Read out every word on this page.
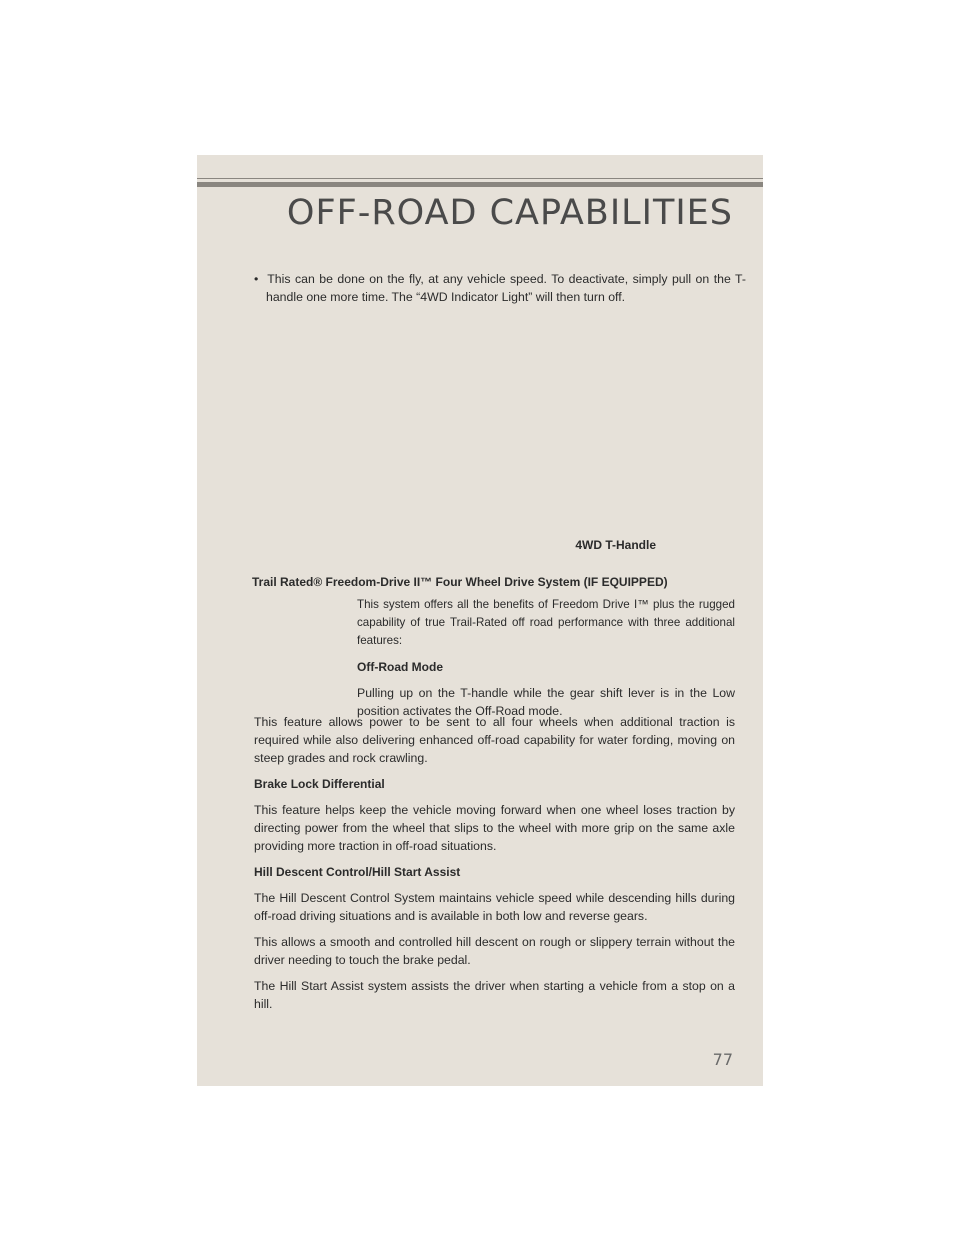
OFF-ROAD CAPABILITIES
• This can be done on the fly, at any vehicle speed. To deactivate, simply pull on the T-handle one more time. The “4WD Indicator Light” will then turn off.
4WD T-Handle
Trail Rated® Freedom-Drive II™ Four Wheel Drive System (IF EQUIPPED)

This system offers all the benefits of Freedom Drive I™ plus the rugged capability of true Trail-Rated off road performance with three additional features:

Off-Road Mode

Pulling up on the T-handle while the gear shift lever is in the Low position activates the Off-Road mode.

This feature allows power to be sent to all four wheels when additional traction is required while also delivering enhanced off-road capability for water fording, moving on steep grades and rock crawling.

Brake Lock Differential

This feature helps keep the vehicle moving forward when one wheel loses traction by directing power from the wheel that slips to the wheel with more grip on the same axle providing more traction in off-road situations.

Hill Descent Control/Hill Start Assist

The Hill Descent Control System maintains vehicle speed while descending hills during off-road driving situations and is available in both low and reverse gears.

This allows a smooth and controlled hill descent on rough or slippery terrain without the driver needing to touch the brake pedal.

The Hill Start Assist system assists the driver when starting a vehicle from a stop on a hill.

77
